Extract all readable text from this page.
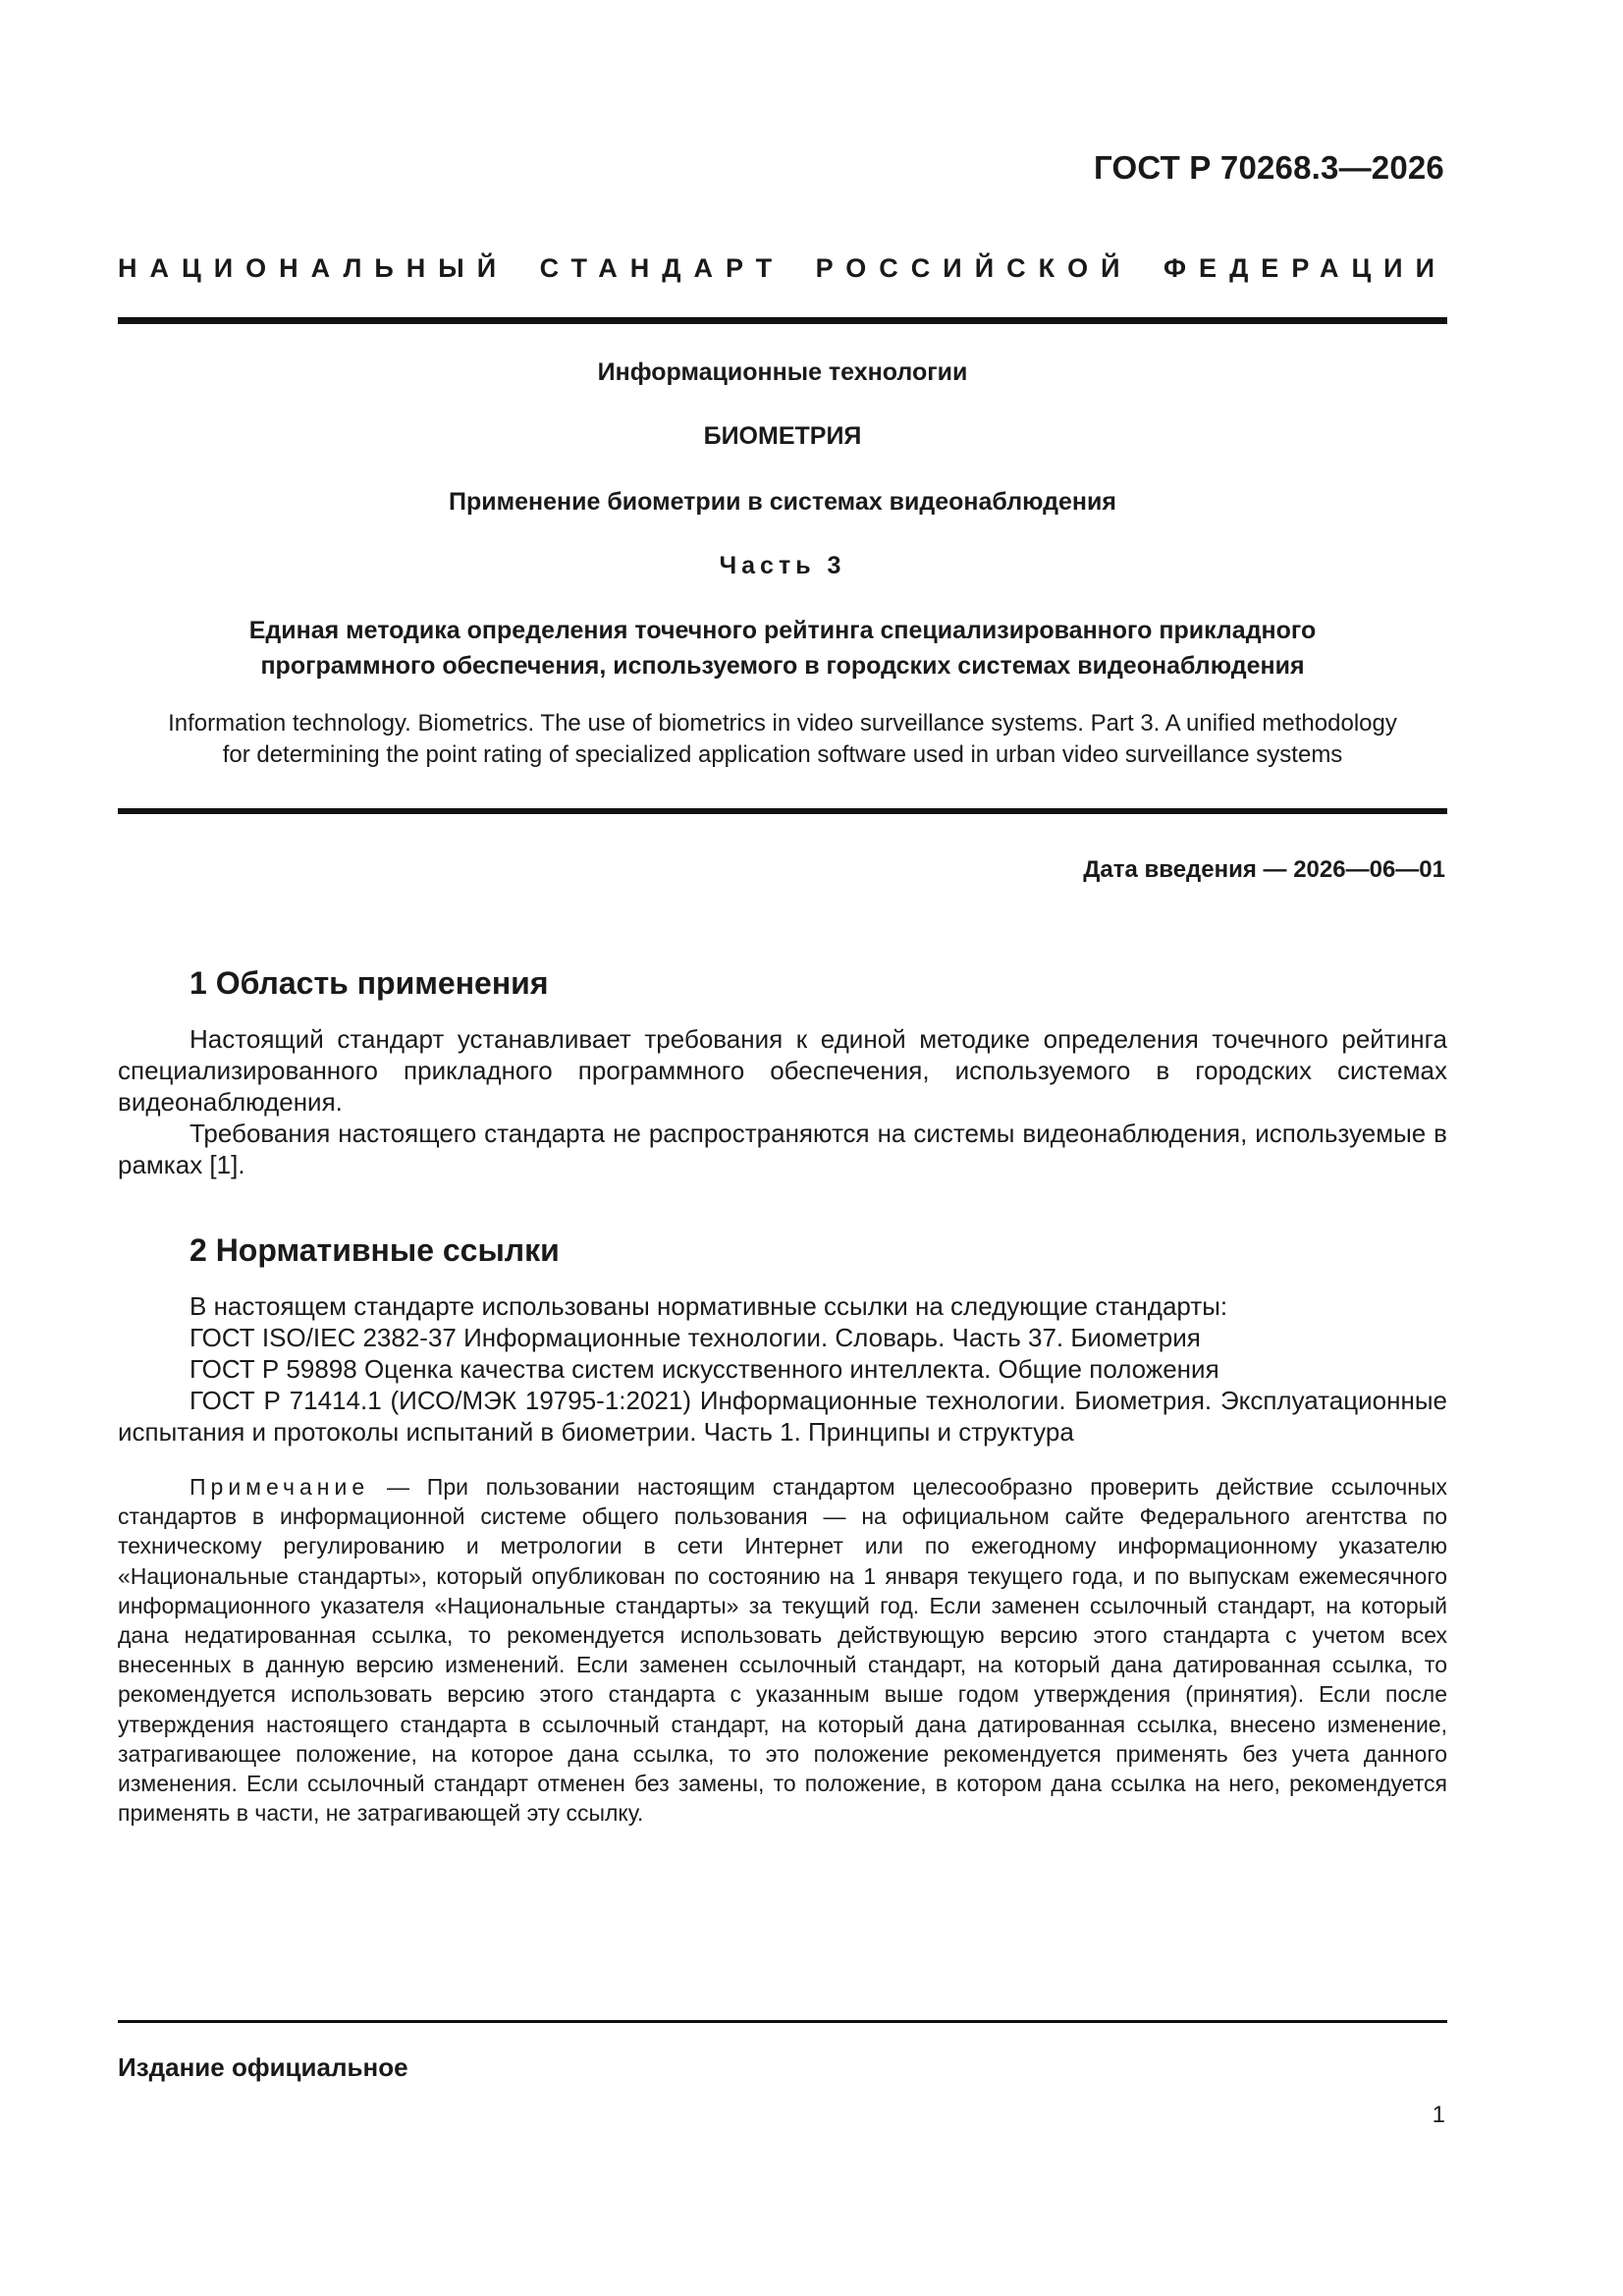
ГОСТ Р 70268.3—2026
НАЦИОНАЛЬНЫЙ СТАНДАРТ РОССИЙСКОЙ ФЕДЕРАЦИИ
Информационные технологии
БИОМЕТРИЯ
Применение биометрии в системах видеонаблюдения
Часть 3
Единая методика определения точечного рейтинга специализированного прикладного
программного обеспечения, используемого в городских системах видеонаблюдения
Information technology. Biometrics. The use of biometrics in video surveillance systems. Part 3. A unified methodology
for determining the point rating of specialized application software used in urban video surveillance systems
Дата введения — 2026—06—01
1 Область применения

Настоящий стандарт устанавливает требования к единой методике определения точечного рейтинга специализированного прикладного программного обеспечения, используемого в городских системах видеонаблюдения.

Требования настоящего стандарта не распространяются на системы видеонаблюдения, используемые в рамках [1].

2 Нормативные ссылки

В настоящем стандарте использованы нормативные ссылки на следующие стандарты:

ГОСТ ISO/IEC 2382-37 Информационные технологии. Словарь. Часть 37. Биометрия

ГОСТ Р 59898 Оценка качества систем искусственного интеллекта. Общие положения

ГОСТ Р 71414.1 (ИСО/МЭК 19795-1:2021) Информационные технологии. Биометрия. Эксплуатационные испытания и протоколы испытаний в биометрии. Часть 1. Принципы и структура

Примечание — При пользовании настоящим стандартом целесообразно проверить действие ссылочных стандартов в информационной системе общего пользования — на официальном сайте Федерального агентства по техническому регулированию и метрологии в сети Интернет или по ежегодному информационному указателю «Национальные стандарты», который опубликован по состоянию на 1 января текущего года, и по выпускам ежемесячного информационного указателя «Национальные стандарты» за текущий год. Если заменен ссылочный стандарт, на который дана недатированная ссылка, то рекомендуется использовать действующую версию этого стандарта с учетом всех внесенных в данную версию изменений. Если заменен ссылочный стандарт, на который дана датированная ссылка, то рекомендуется использовать версию этого стандарта с указанным выше годом утверждения (принятия). Если после утверждения настоящего стандарта в ссылочный стандарт, на который дана датированная ссылка, внесено изменение, затрагивающее положение, на которое дана ссылка, то это положение рекомендуется применять без учета данного изменения. Если ссылочный стандарт отменен без замены, то положение, в котором дана ссылка на него, рекомендуется применять в части, не затрагивающей эту ссылку.

Издание официальное
1
